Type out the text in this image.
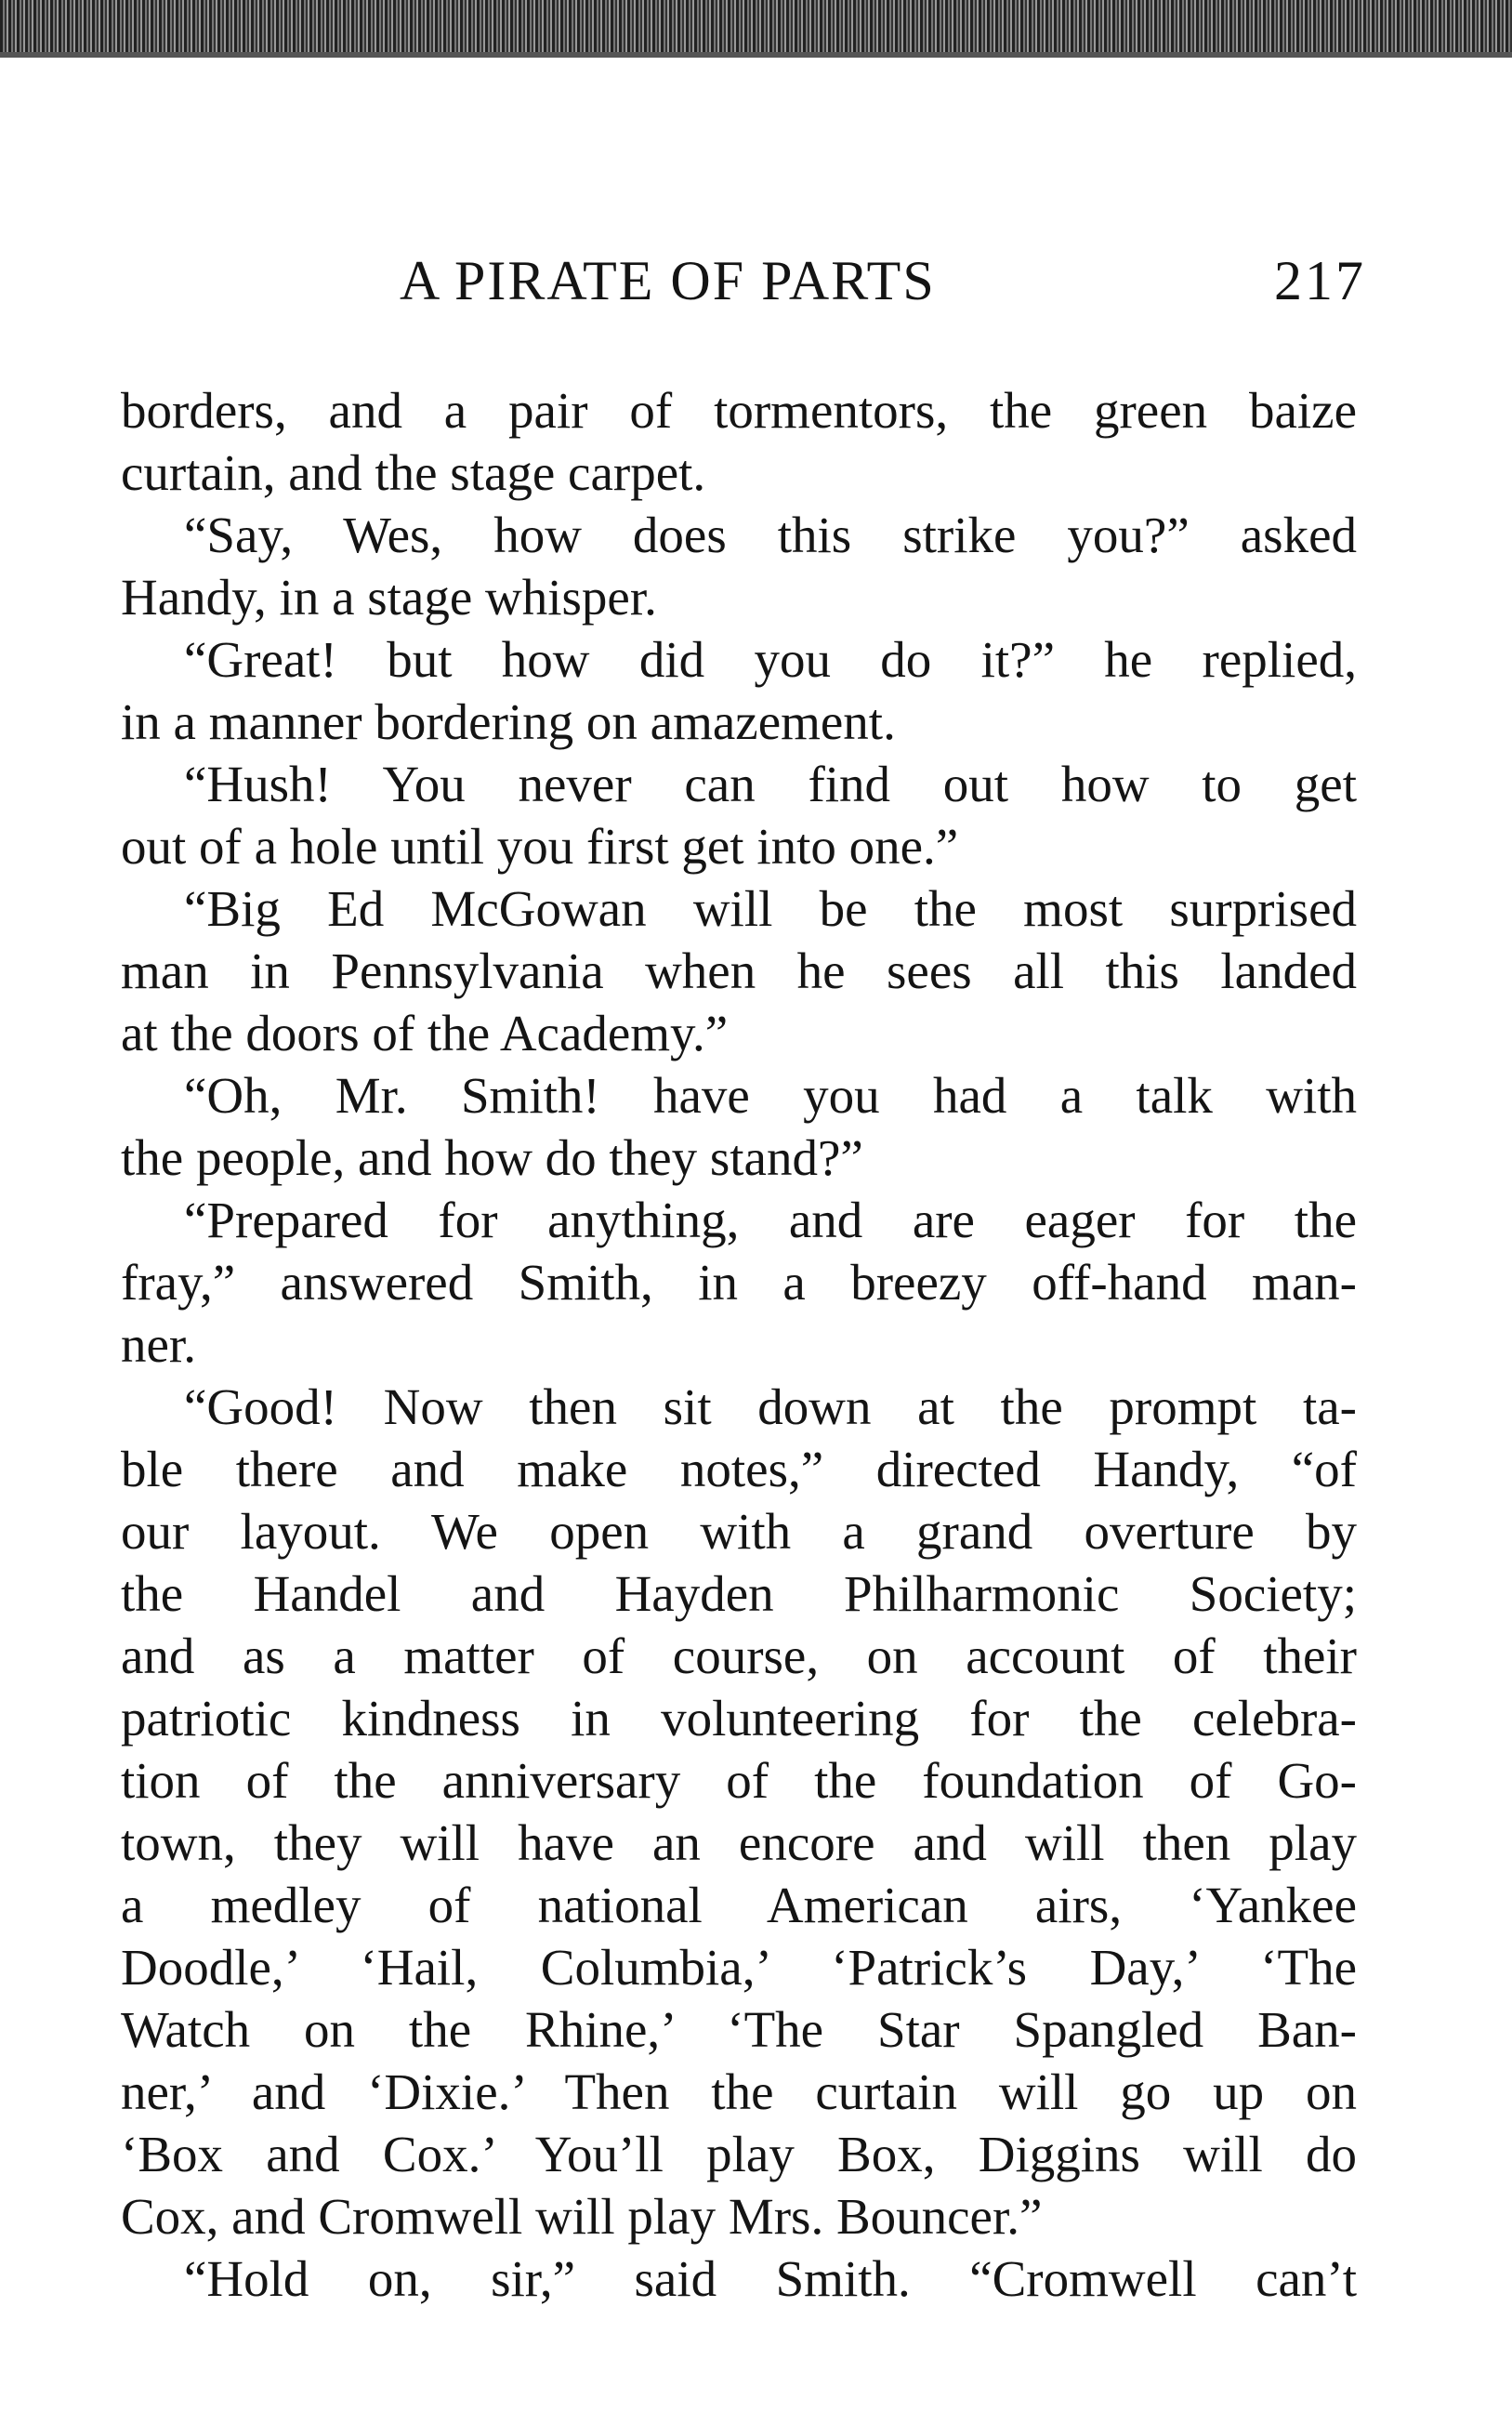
A PIRATE OF PARTS	217
borders, and a pair of tormentors, the green baize
curtain, and the stage carpet.
“Say, Wes, how does this strike you?” asked
Handy, in a stage whisper.
“Great! but how did you do it?” he replied,
in a manner bordering on amazement.
“Hush! You never can find out how to get
out of a hole until you first get into one.”
“Big Ed McGowan will be the most surprised
man in Pennsylvania when he sees all this landed
at the doors of the Academy.”
“Oh, Mr. Smith! have you had a talk with
the people, and how do they stand?”
“Prepared for anything, and are eager for the
fray,” answered Smith, in a breezy off-hand man-
ner.
“Good! Now then sit down at the prompt ta-
ble there and make notes,” directed Handy, “of
our layout. We open with a grand overture by
the Handel and Hayden Philharmonic Society;
and as a matter of course, on account of their
patriotic kindness in volunteering for the celebra-
tion of the anniversary of the foundation of Go-
town, they will have an encore and will then play
a medley of national American airs, ‘Yankee
Doodle,’ ‘Hail, Columbia,’ ‘Patrick’s Day,’ ‘The
Watch on the Rhine,’ ‘The Star Spangled Ban-
ner,’ and ‘Dixie.’ Then the curtain will go up on
‘Box and Cox.’ You’ll play Box, Diggins will do
Cox, and Cromwell will play Mrs. Bouncer.”
“Hold on, sir,” said Smith. “Cromwell can’t
